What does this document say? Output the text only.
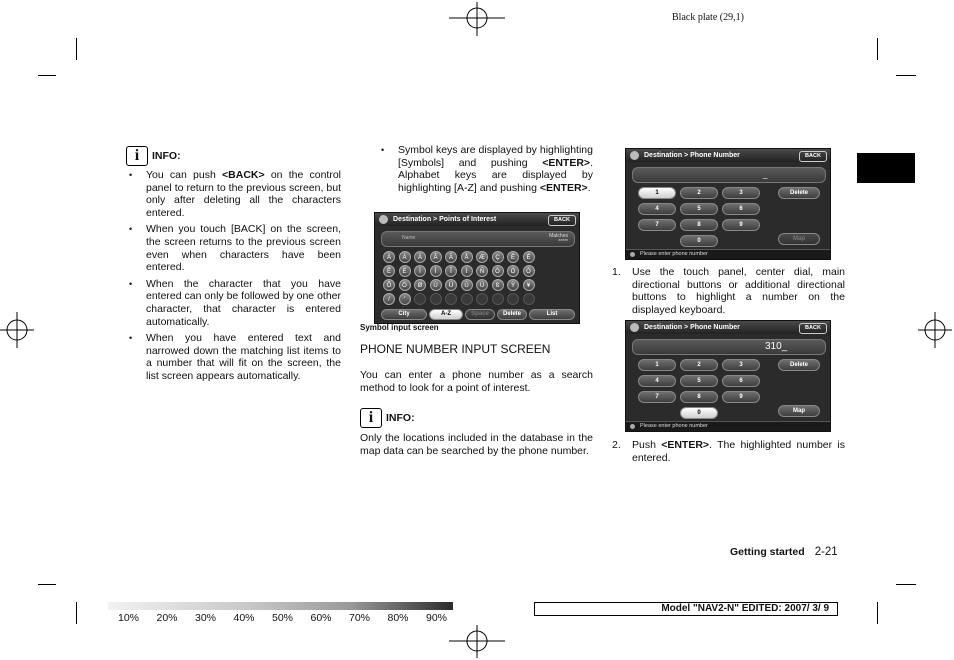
Black plate (29,1)
i	INFO:

• You can push <BACK> on the control panel to return to the previous screen, but only after deleting all the characters entered.

• When you touch [BACK] on the screen, the screen returns to the previous screen even when characters have been entered.

• When the character that you have entered can only be followed by one other character, that character is entered automatically.

• When you have entered text and narrowed down the matching list items to a number that will fit on the screen, the list screen appears automatically.

• Symbol keys are displayed by highlighting [Symbols] and pushing <ENTER>. Alphabet keys are displayed by highlighting [A-Z] and pushing <ENTER>.

Destination > Points of Interest	BACK
Name	Matches
*****
Ä	Á	À	Â	Ã	Å	Æ	Ç	È	É
Ê	Ë	Ì	Í	Î	Ï	Ñ	Ò	Ó	Ô
Õ	Ö	Ø	Ù	Ú	Û	Ü	ß	Ÿ	¥
/	'
City	A-Z	Space	Delete	List
Symbol input screen
PHONE NUMBER INPUT SCREEN

You can enter a phone number as a search method to look for a point of interest.

i	INFO:

Only the locations included in the database in the map data can be searched by the phone number.

Destination > Phone Number	BACK
_
1	2	3
4	5	6
7	8	9
0
Delete
Map
Please enter phone number

1. Use the touch panel, center dial, main directional buttons or additional directional buttons to highlight a number on the displayed keyboard.

Destination > Phone Number	BACK
310_
1	2	3
4	5	6
7	8	9
0
Delete
Map
Please enter phone number

2. Push <ENTER>. The highlighted number is entered.

Getting started 2-21
10% 20% 30% 40% 50% 60% 70% 80% 90%
Model "NAV2-N" EDITED: 2007/ 3/ 9
